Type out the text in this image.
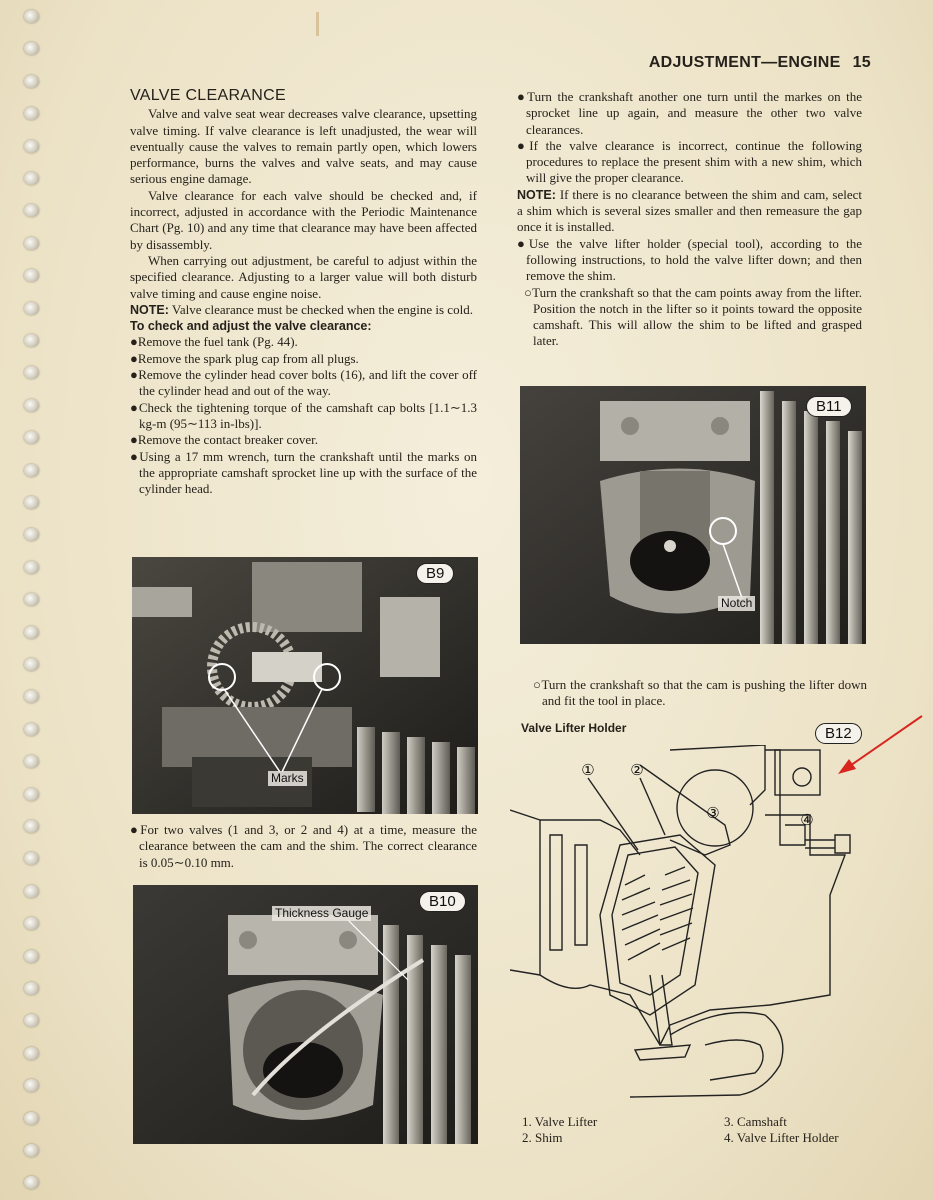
ADJUSTMENT—ENGINE 15
VALVE CLEARANCE

Valve and valve seat wear decreases valve clearance, upsetting valve timing. If valve clearance is left unadjusted, the wear will eventually cause the valves to remain partly open, which lowers performance, burns the valves and valve seats, and may cause serious engine damage.

Valve clearance for each valve should be checked and, if incorrect, adjusted in accordance with the Periodic Maintenance Chart (Pg. 10) and any time that clearance may have been affected by disassembly.

When carrying out adjustment, be careful to adjust within the specified clearance. Adjusting to a larger value will both disturb valve timing and cause engine noise.

NOTE: Valve clearance must be checked when the engine is cold.

To check and adjust the valve clearance:

●Remove the fuel tank (Pg. 44).

●Remove the spark plug cap from all plugs.

●Remove the cylinder head cover bolts (16), and lift the cover off the cylinder head and out of the way.

●Check the tightening torque of the camshaft cap bolts [1.1∼1.3 kg-m (95∼113 in-lbs)].

●Remove the contact breaker cover.

●Using a 17 mm wrench, turn the crankshaft until the marks on the appropriate camshaft sprocket line up with the surface of the cylinder head.

B9
Marks

●For two valves (1 and 3, or 2 and 4) at a time, measure the clearance between the cam and the shim. The correct clearance is 0.05∼0.10 mm.

B10
Thickness Gauge

●Turn the crankshaft another one turn until the markes on the sprocket line up again, and measure the other two valve clearances.

●If the valve clearance is incorrect, continue the following procedures to replace the present shim with a new shim, which will give the proper clearance.

NOTE: If there is no clearance between the shim and cam, select a shim which is several sizes smaller and then remeasure the gap once it is installed.

●Use the valve lifter holder (special tool), according to the following instructions, to hold the valve lifter down; and then remove the shim.

○Turn the crankshaft so that the cam points away from the lifter. Position the notch in the lifter so it points toward the opposite camshaft. This will allow the shim to be lifted and grasped later.

B11
Notch

○Turn the crankshaft so that the cam is pushing the lifter down and fit the tool in place.

Valve Lifter Holder	B12
① ②
③	④
1. Valve Lifter
2. Shim
3. Camshaft
4. Valve Lifter Holder
